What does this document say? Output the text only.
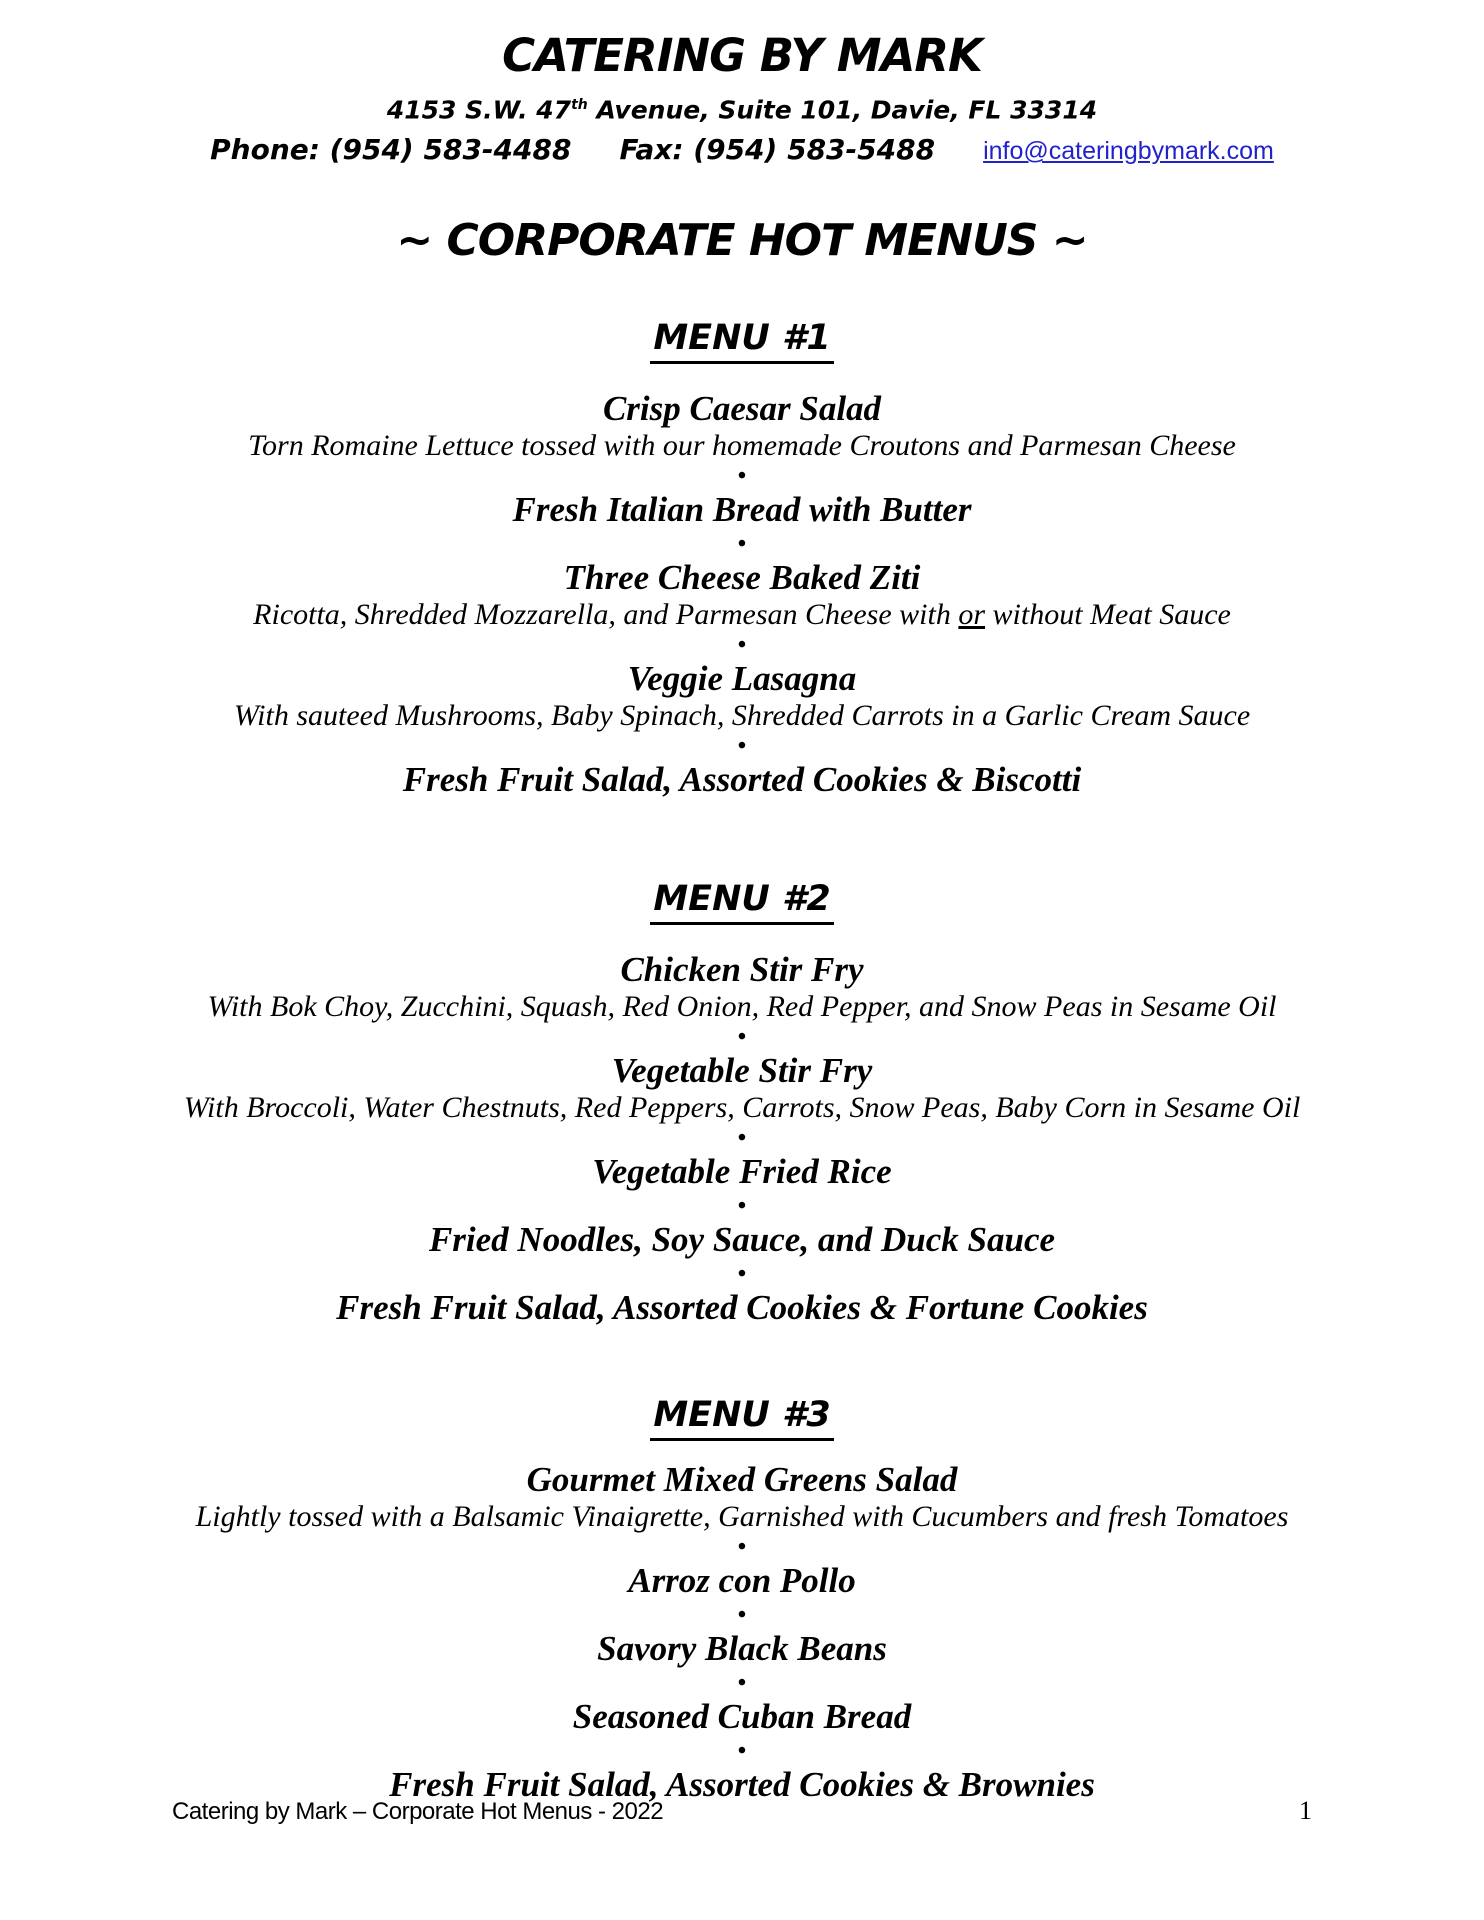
CATERING BY MARK
4153 S.W. 47th Avenue, Suite 101, Davie, FL 33314
Phone: (954) 583-4488 Fax: (954) 583-5488 info@cateringbymark.com
~ CORPORATE HOT MENUS ~
MENU #1
Crisp Caesar Salad
Torn Romaine Lettuce tossed with our homemade Croutons and Parmesan Cheese
•
Fresh Italian Bread with Butter
•
Three Cheese Baked Ziti
Ricotta, Shredded Mozzarella, and Parmesan Cheese with or without Meat Sauce
•
Veggie Lasagna
With sauteed Mushrooms, Baby Spinach, Shredded Carrots in a Garlic Cream Sauce
•
Fresh Fruit Salad, Assorted Cookies & Biscotti
MENU #2
Chicken Stir Fry
With Bok Choy, Zucchini, Squash, Red Onion, Red Pepper, and Snow Peas in Sesame Oil
•
Vegetable Stir Fry
With Broccoli, Water Chestnuts, Red Peppers, Carrots, Snow Peas, Baby Corn in Sesame Oil
•
Vegetable Fried Rice
•
Fried Noodles, Soy Sauce, and Duck Sauce
•
Fresh Fruit Salad, Assorted Cookies & Fortune Cookies
MENU #3
Gourmet Mixed Greens Salad
Lightly tossed with a Balsamic Vinaigrette, Garnished with Cucumbers and fresh Tomatoes
•
Arroz con Pollo
•
Savory Black Beans
•
Seasoned Cuban Bread
•
Fresh Fruit Salad, Assorted Cookies & Brownies
Catering by Mark – Corporate Hot Menus - 2022	1
